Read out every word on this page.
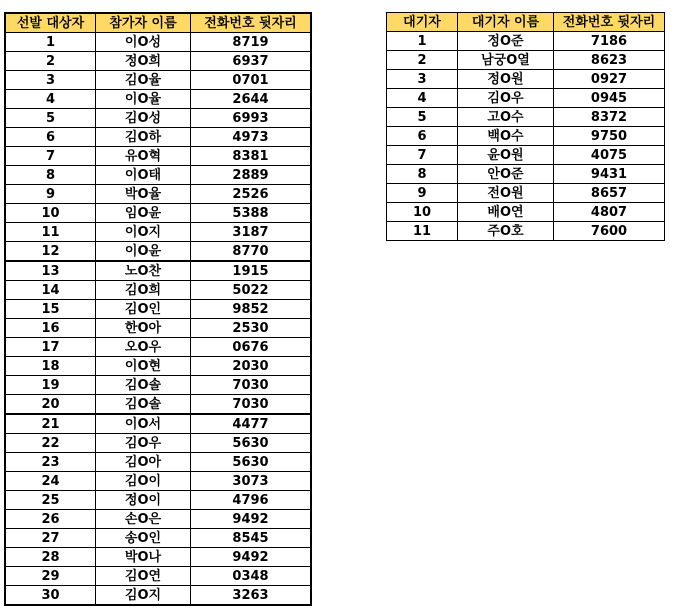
선발 대상자	참가자 이름	전화번호 뒷자리
1	이O성	8719
2	정O희	6937
3	김O율	0701
4	이O율	2644
5	김O성	6993
6	김O하	4973
7	유O혁	8381
8	이O태	2889
9	박O율	2526
10	임O윤	5388
11	이O지	3187
12	이O윤	8770
13	노O찬	1915
14	김O희	5022
15	김O인	9852
16	한O아	2530
17	오O우	0676
18	이O현	2030
19	김O솔	7030
20	김O솔	7030
21	이O서	4477
22	김O우	5630
23	김O아	5630
24	김O이	3073
25	정O이	4796
26	손O은	9492
27	송O인	8545
28	박O나	9492
29	김O연	0348
30	김O지	3263
대기자	대기자 이름	전화번호 뒷자리
1	정O준	7186
2	남궁O열	8623
3	정O원	0927
4	김O우	0945
5	고O수	8372
6	백O수	9750
7	윤O원	4075
8	안O준	9431
9	전O원	8657
10	배O연	4807
11	주O호	7600
